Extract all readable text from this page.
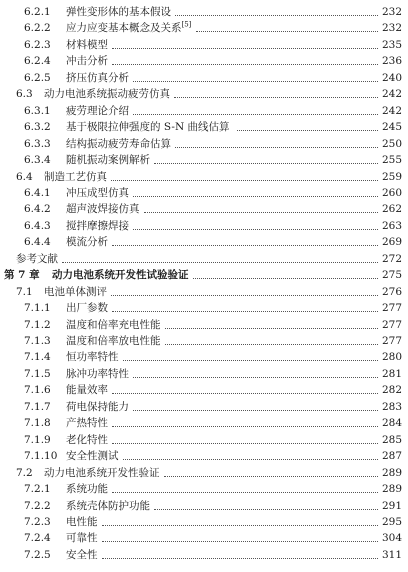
6.2.1 弹性变形体的基本假设	232
6.2.2 应力应变基本概念及关系[5]	232
6.2.3 材料模型	235
6.2.4 冲击分析	236
6.2.5 挤压仿真分析	240
6.3 动力电池系统振动疲劳仿真	242
6.3.1 疲劳理论介绍	242
6.3.2 基于极限拉伸强度的 S-N 曲线估算	245
6.3.3 结构振动疲劳寿命估算	250
6.3.4 随机振动案例解析	255
6.4 制造工艺仿真	259
6.4.1 冲压成型仿真	260
6.4.2 超声波焊接仿真	262
6.4.3 搅拌摩擦焊接	263
6.4.4 模流分析	269
参考文献	272
第 7 章 动力电池系统开发性试验验证	275
7.1 电池单体测评	276
7.1.1 出厂参数	277
7.1.2 温度和倍率充电性能	277
7.1.3 温度和倍率放电性能	277
7.1.4 恒功率特性	280
7.1.5 脉冲功率特性	281
7.1.6 能量效率	282
7.1.7 荷电保持能力	283
7.1.8 产热特性	284
7.1.9 老化特性	285
7.1.10 安全性测试	287
7.2 动力电池系统开发性验证	289
7.2.1 系统功能	289
7.2.2 系统壳体防护功能	291
7.2.3 电性能	295
7.2.4 可靠性	304
7.2.5 安全性	311
